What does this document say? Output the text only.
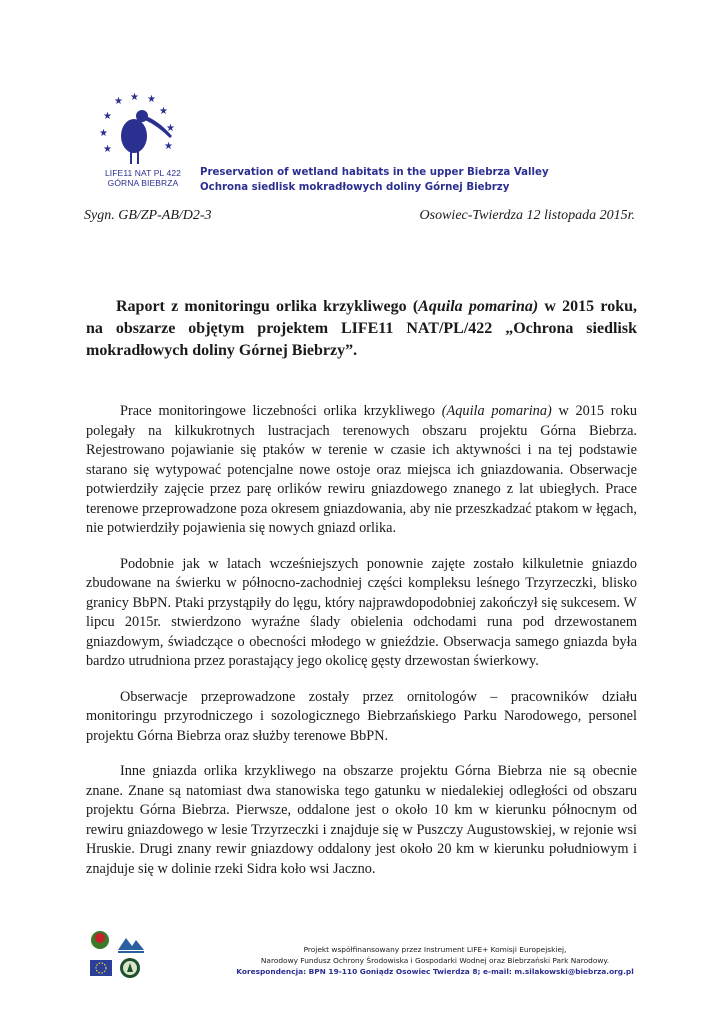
★
★ ★
★	★
★	★
★	★
LIFE11 NAT PL 422
GÓRNA BIEBRZA
Preservation of wetland habitats in the upper Biebrza Valley
Ochrona siedlisk mokradłowych doliny Górnej Biebrzy
Sygn. GB/ZP-AB/D2-3	Osowiec-Twierdza 12 listopada 2015r.
Raport z monitoringu orlika krzykliwego (Aquila pomarina) w 2015 roku, na obszarze objętym projektem LIFE11 NAT/PL/422 „Ochrona siedlisk mokradłowych doliny Górnej Biebrzy”.

Prace monitoringowe liczebności orlika krzykliwego (Aquila pomarina) w 2015 roku polegały na kilkukrotnych lustracjach terenowych obszaru projektu Górna Biebrza. Rejestrowano pojawianie się ptaków w terenie w czasie ich aktywności i na tej podstawie starano się wytypować potencjalne nowe ostoje oraz miejsca ich gniazdowania. Obserwacje potwierdziły zajęcie przez parę orlików rewiru gniazdowego znanego z lat ubiegłych. Prace terenowe przeprowadzone poza okresem gniazdowania, aby nie przeszkadzać ptakom w łęgach, nie potwierdziły pojawienia się nowych gniazd orlika.

Podobnie jak w latach wcześniejszych ponownie zajęte zostało kilkuletnie gniazdo zbudowane na świerku w północno-zachodniej części kompleksu leśnego Trzyrzeczki, blisko granicy BbPN. Ptaki przystąpiły do lęgu, który najprawdopodobniej zakończył się sukcesem. W lipcu 2015r. stwierdzono wyraźne ślady obielenia odchodami runa pod drzewostanem gniazdowym, świadczące o obecności młodego w gnieździe. Obserwacja samego gniazda była bardzo utrudniona przez porastający jego okolicę gęsty drzewostan świerkowy.

Obserwacje przeprowadzone zostały przez ornitologów – pracowników działu monitoringu przyrodniczego i sozologicznego Biebrzańskiego Parku Narodowego, personel projektu Górna Biebrza oraz służby terenowe BbPN.

Inne gniazda orlika krzykliwego na obszarze projektu Górna Biebrza nie są obecnie znane. Znane są natomiast dwa stanowiska tego gatunku w niedalekiej odległości od obszaru projektu Górna Biebrza. Pierwsze, oddalone jest o około 10 km w kierunku północnym od rewiru gniazdowego w lesie Trzyrzeczki i znajduje się w Puszczy Augustowskiej, w rejonie wsi Hruskie. Drugi znany rewir gniazdowy oddalony jest około 20 km w kierunku południowym i znajduje się w dolinie rzeki Sidra koło wsi Jaczno.

Projekt współfinansowany przez Instrument LIFE+ Komisji Europejskiej,
Narodowy Fundusz Ochrony Środowiska i Gospodarki Wodnej oraz Biebrzański Park Narodowy.
Korespondencja: BPN 19-110 Goniądz Osowiec Twierdza 8; e-mail: m.silakowski@biebrza.org.pl
